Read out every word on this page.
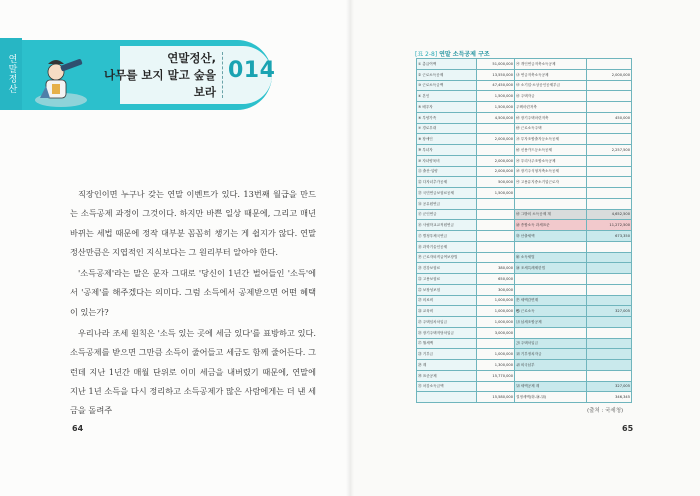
연말정산	연말정산,
나무를 보지 말고 숲을 보라
014

직장인이면 누구나 갖는 연말 이벤트가 있다. 13번째 월급을 만드는 소득공제 과정이 그것이다. 하지만 바쁜 일상 때문에, 그리고 매년 바뀌는 세법 때문에 정작 대부분 꼼꼼히 챙기는 게 쉽지가 않다. 연말정산만큼은 지엽적인 지식보다는 그 원리부터 알아야 한다.

'소득공제'라는 말은 문자 그대로 '당신이 1년간 벌어들인 '소득'에서 '공제'를 해주겠다는 의미다. 그럼 소득에서 공제받으면 어떤 혜택이 있는가?

우리나라 조세 원칙은 '소득 있는 곳에 세금 있다'를 표방하고 있다. 소득공제를 받으면 그만큼 소득이 줄어들고 세금도 함께 줄어든다. 그런데 지난 1년간 매월 단위로 이미 세금을 내버렸기 때문에, 연말에 지난 1년 소득을 다시 정리하고 소득공제가 많은 사람에게는 더 낸 세금을 돌려주

64	65
[표 2-8] 연말 소득공제 구조
① 총급여액	51,000,000	㉮ 개인연금저축소득공제	
② 근로소득공제	13,550,000	㉯ 연금저축소득공제	2,000,000
③ 근로소득금액	47,450,000	㉰ 소기업·소상공인공제부금	
④ 본인	1,500,000	㉱ 주택자금	
⑤ 배우자	1,500,000	주택마련저축	
⑥ 부양가족	4,500,000	㉲ 장기주택마련저축	450,000
⑦ 경로우대		㉳ 근로소득주택	
⑧ 장애인	2,000,000	㉴ 투자조합출자등소득공제	
⑨ 부녀자		㉵ 신용카드등소득공제	2,257,500
⑩ 자녀양육비	2,000,000	㉶ 우리사주조합소득공제	
⑪ 출산·입양	2,000,000	㉷ 장기주식형저축소득공제	
⑫ 다자녀추가공제	500,000	㉸ 고용유지중소기업근로자	
⑬ 국민연금보험료공제	1,500,000		
⑭ 공무원연금			
⑮ 군인연금		㉹ 그밖의 소득공제 계	4,652,500
⑯ 사립학교교직원연금		㉺ 종합소득 과세표준	11,272,500
⑰ 별정우체국연금		㉻ 산출세액	673,350
⑱ 과학기술인공제			
⑲ 근로자퇴직급여보장법		㉼ 소득세법	
⑳ 건강보험료	380,000	㉽ 조세특례제한법	
㉑ 고용보험료	650,000		
㉒ 보장성보험	300,000		
㉓ 의료비	1,000,000	㉾ 세액감면계	
㉔ 교육비	1,000,000	㉿ 근로소득	327,005
㉕ 주택임차차입금	1,000,000	㋀ 납세조합공제	
㉖ 장기주택저당차입금	3,000,000		
㉗ 월세액		㋁ 주택차입금	
㉘ 기부금	1,000,000	㋂ 기부정치자금	
㉙ 계	1,300,000	㋃ 외국납부	
㉚ 표준공제	15,770,000		
㉛ 차감소득금액		㋄ 세액공제 계	327,005
	15,580,000	결정세액(㉻-㉽-㋄)	346,345
(출처 : 국세청)
